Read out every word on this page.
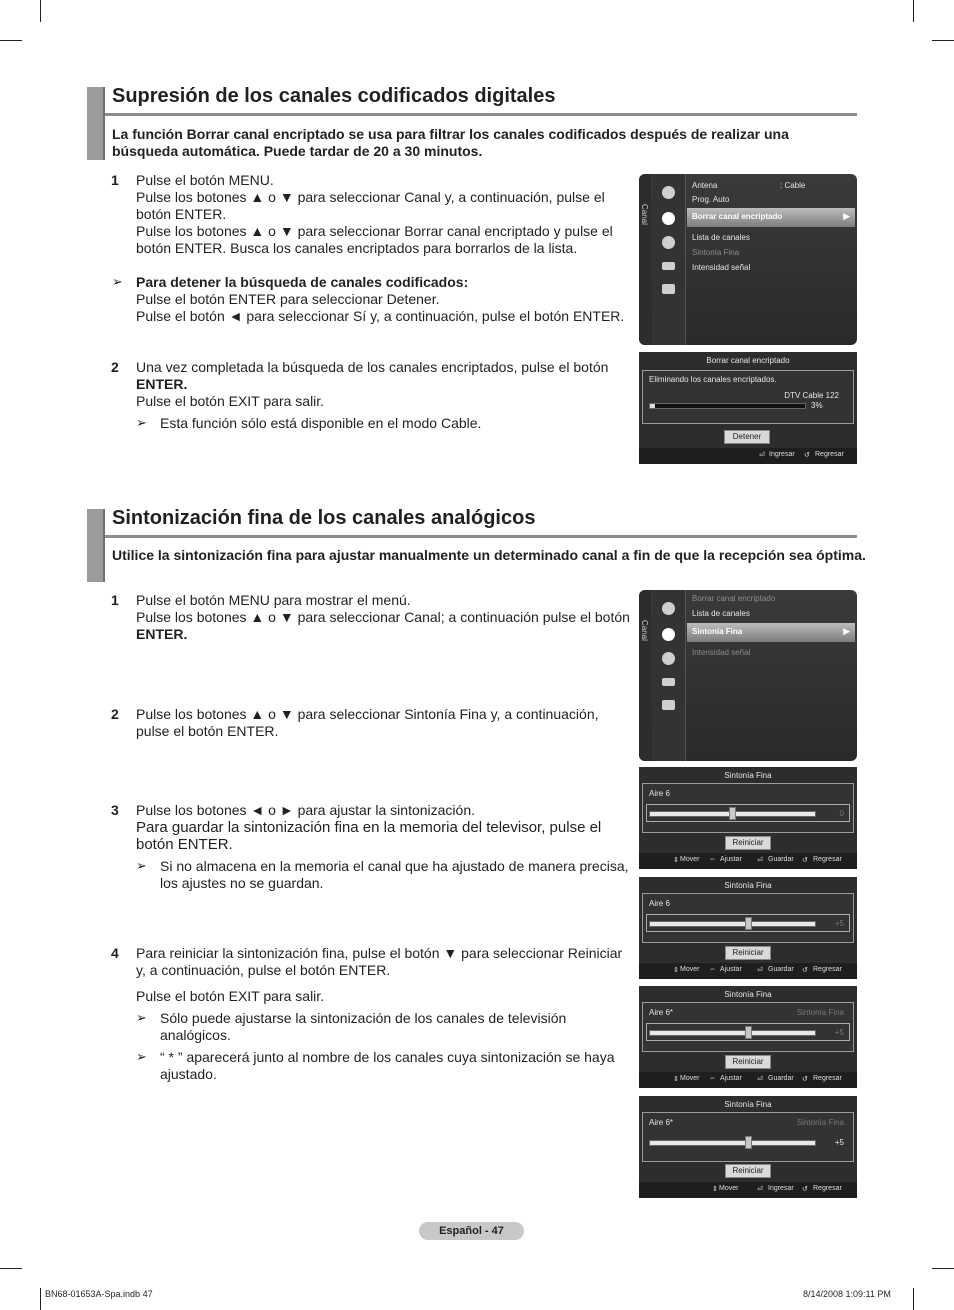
Supresión de los canales codificados digitales
La función Borrar canal encriptado se usa para filtrar los canales codificados después de realizar una búsqueda automática. Puede tardar de 20 a 30 minutos.
1 Pulse el botón MENU.
Pulse los botones ▲ o ▼ para seleccionar Canal y, a continuación, pulse el
botón ENTER.
Pulse los botones ▲ o ▼ para seleccionar Borrar canal encriptado y pulse el
botón ENTER. Busca los canales encriptados para borrarlos de la lista.
➢ Para detener la búsqueda de canales codificados:
Pulse el botón ENTER para seleccionar Detener.
Pulse el botón ◄ para seleccionar Sí y, a continuación, pulse el botón ENTER.
2 Una vez completada la búsqueda de los canales encriptados, pulse el botón
ENTER.
Pulse el botón EXIT para salir.
➢ Esta función sólo está disponible en el modo Cable.
Canal
Antena	: Cable
Prog. Auto
Borrar canal encriptado	▶
Lista de canales
Sintonía Fina
Intensidad señal
Borrar canal encriptado
Eliminando los canales encriptados.
DTV Cable 122
3%
Detener
⏎ Ingresar ↺ Regresar
Sintonización fina de los canales analógicos
Utilice la sintonización fina para ajustar manualmente un determinado canal a fin de que la recepción sea óptima.
1 Pulse el botón MENU para mostrar el menú.
Pulse los botones ▲ o ▼ para seleccionar Canal; a continuación pulse el botón
ENTER.
2 Pulse los botones ▲ o ▼ para seleccionar Sintonía Fina y, a continuación,
pulse el botón ENTER.
3 Pulse los botones ◄ o ► para ajustar la sintonización.
Para guardar la sintonización fina en la memoria del televisor, pulse el
botón ENTER.
➢ Si no almacena en la memoria el canal que ha ajustado de manera precisa,
los ajustes no se guardan.
4 Para reiniciar la sintonización fina, pulse el botón ▼ para seleccionar Reiniciar
y, a continuación, pulse el botón ENTER.
Pulse el botón EXIT para salir.
➢ Sólo puede ajustarse la sintonización de los canales de televisión
analógicos.
➢ “ * ” aparecerá junto al nombre de los canales cuya sintonización se haya
ajustado.
Canal
Borrar canal encriptado
Lista de canales
Sintonía Fina	▶
Intensidad señal
Sintonía Fina
Aire 6
0
Reiniciar
⇕ Mover ⇔ Ajustar ⏎ Guardar ↺ Regresar
Sintonía Fina
Aire 6
+5
Reiniciar
⇕ Mover ⇔ Ajustar ⏎ Guardar ↺ Regresar
Sintonía Fina
Aire 6*	Sintonía Fina
+5
Reiniciar
⇕ Mover ⇔ Ajustar ⏎ Guardar ↺ Regresar
Sintonía Fina
Aire 6*	Sintonía Fina
+5
Reiniciar
⇕ Mover	⏎ Ingresar ↺ Regresar
Español - 47
BN68-01653A-Spa.indb 47	8/14/2008 1:09:11 PM
